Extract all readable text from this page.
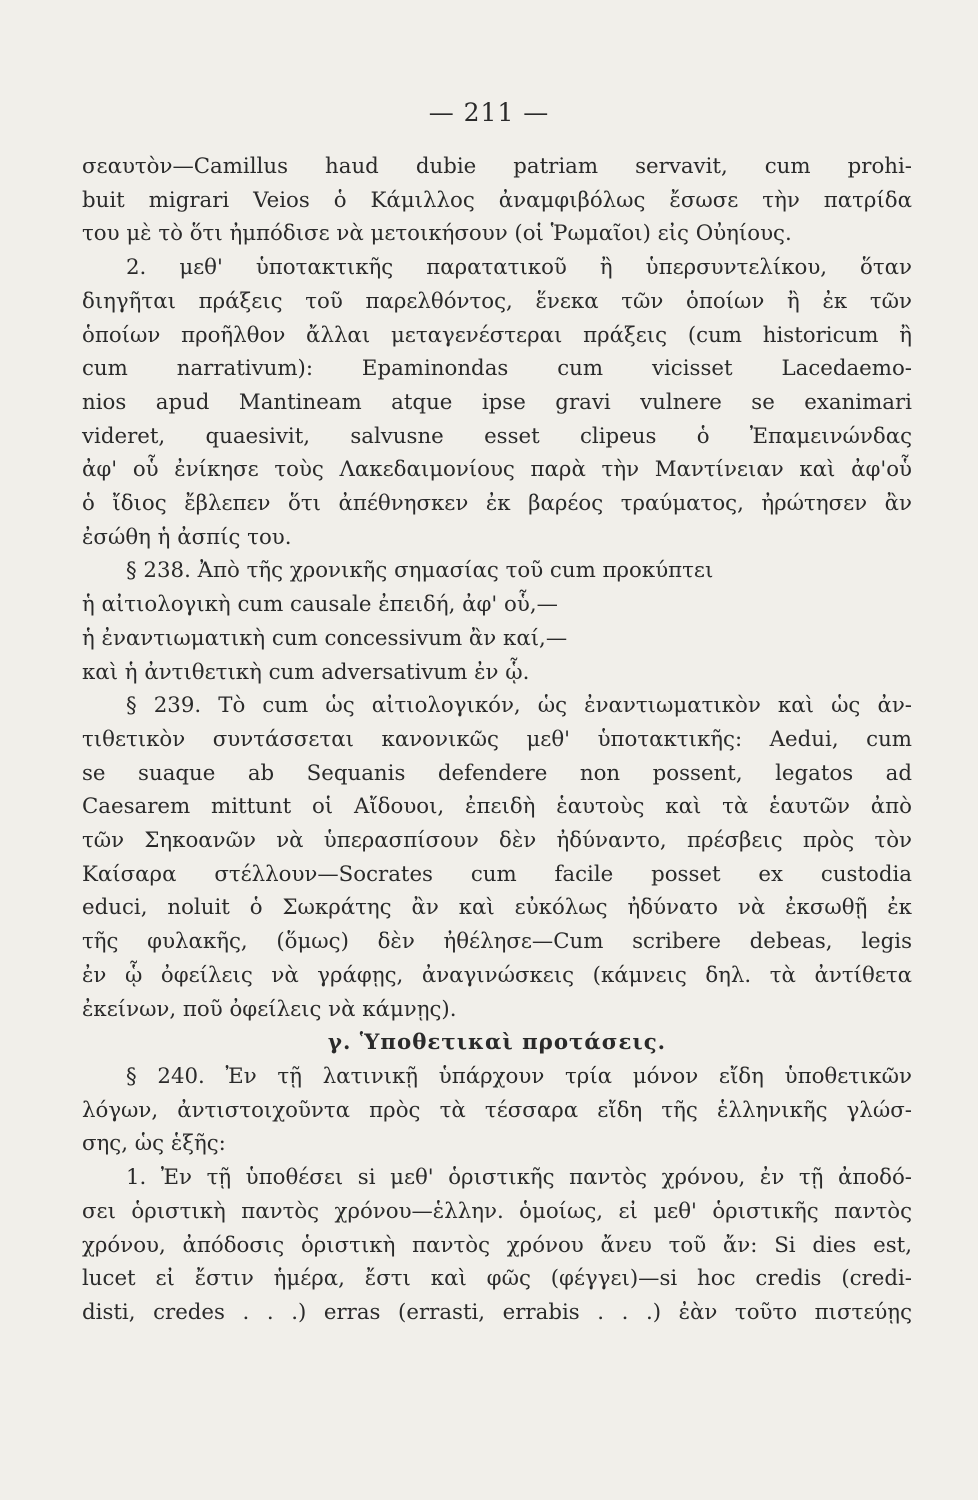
— 211 —
σεαυτὸν—Camillus haud dubie patriam servavit, cum prohi-
buit migrari Veios ὁ Κάμιλλος ἀναμφιβόλως ἔσωσε τὴν πατρίδα
του μὲ τὸ ὅτι ἠμπόδισε νὰ μετοικήσουν (οἱ Ῥωμαῖοι) εἰς Οὐηίους.
2. μεθ' ὑποτακτικῆς παρατατικοῦ ἢ ὑπερσυντελίκου, ὅταν
διηγῆται πράξεις τοῦ παρελθόντος, ἕνεκα τῶν ὁποίων ἢ ἐκ τῶν
ὁποίων προῆλθον ἄλλαι μεταγενέστεραι πράξεις (cum historicum ἢ
cum narrativum): Epaminondas cum vicisset Lacedaemo-
nios apud Mantineam atque ipse gravi vulnere se exanimari
videret, quaesivit, salvusne esset clipeus ὁ Ἐπαμεινώνδας
ἀφ' οὗ ἐνίκησε τοὺς Λακεδαιμονίους παρὰ τὴν Μαντίνειαν καὶ ἀφ'οὗ
ὁ ἴδιος ἔβλεπεν ὅτι ἀπέθνησκεν ἐκ βαρέος τραύματος, ἠρώτησεν ἂν
ἐσώθη ἡ ἀσπίς του.
§ 238. Ἀπὸ τῆς χρονικῆς σημασίας τοῦ cum προκύπτει
ἡ αἰτιολογικὴ cum causale ἐπειδή, ἀφ' οὗ,—
ἡ ἐναντιωματικὴ cum concessivum ἂν καί,—
καὶ ἡ ἀντιθετικὴ cum adversativum ἐν ᾧ.
§ 239. Τὸ cum ὡς αἰτιολογικόν, ὡς ἐναντιωματικὸν καὶ ὡς ἀν-
τιθετικὸν συντάσσεται κανονικῶς μεθ' ὑποτακτικῆς: Aedui, cum
se suaque ab Sequanis defendere non possent, legatos ad
Caesarem mittunt οἱ Αἴδουοι, ἐπειδὴ ἑαυτοὺς καὶ τὰ ἑαυτῶν ἀπὸ
τῶν Σηκοανῶν νὰ ὑπερασπίσουν δὲν ἠδύναντο, πρέσβεις πρὸς τὸν
Καίσαρα στέλλουν—Socrates cum facile posset ex custodia
educi, noluit ὁ Σωκράτης ἂν καὶ εὐκόλως ἠδύνατο νὰ ἐκσωθῇ ἐκ
τῆς φυλακῆς, (ὅμως) δὲν ἠθέλησε—Cum scribere debeas, legis
ἐν ᾧ ὀφείλεις νὰ γράφῃς, ἀναγινώσκεις (κάμνεις δηλ. τὰ ἀντίθετα
ἐκείνων, ποῦ ὀφείλεις νὰ κάμνῃς).
γ. Ὑποθετικαὶ προτάσεις.
§ 240. Ἐν τῇ λατινικῇ ὑπάρχουν τρία μόνον εἴδη ὑποθετικῶν
λόγων, ἀντιστοιχοῦντα πρὸς τὰ τέσσαρα εἴδη τῆς ἑλληνικῆς γλώσ-
σης, ὡς ἑξῆς:
1. Ἐν τῇ ὑποθέσει si μεθ' ὁριστικῆς παντὸς χρόνου, ἐν τῇ ἀποδό-
σει ὁριστικὴ παντὸς χρόνου—ἑλλην. ὁμοίως, εἰ μεθ' ὁριστικῆς παντὸς
χρόνου, ἀπόδοσις ὁριστικὴ παντὸς χρόνου ἄνευ τοῦ ἄν: Si dies est,
lucet εἰ ἔστιν ἡμέρα, ἔστι καὶ φῶς (φέγγει)—si hoc credis (credi-
disti, credes . . .) erras (errasti, errabis . . .) ἐὰν τοῦτο πιστεύῃς
